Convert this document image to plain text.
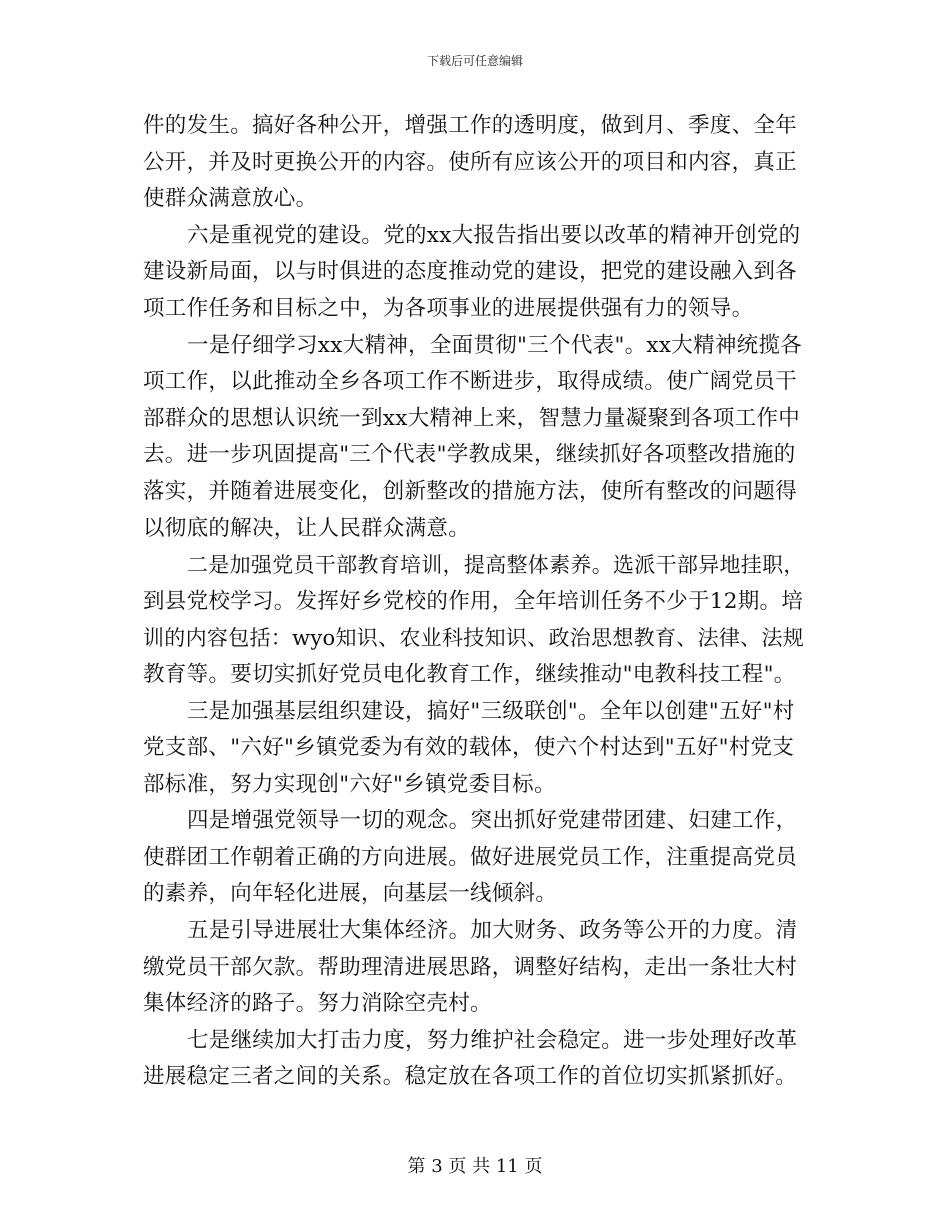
下载后可任意编辑
件的发生。搞好各种公开，增强工作的透明度，做到月、季度、全年
公开，并及时更换公开的内容。使所有应该公开的项目和内容，真正
使群众满意放心。
六是重视党的建设。党的xx大报告指出要以改革的精神开创党的
建设新局面，以与时俱进的态度推动党的建设，把党的建设融入到各
项工作任务和目标之中，为各项事业的进展提供强有力的领导。
一是仔细学习xx大精神，全面贯彻"三个代表"。xx大精神统揽各
项工作，以此推动全乡各项工作不断进步，取得成绩。使广阔党员干
部群众的思想认识统一到xx大精神上来，智慧力量凝聚到各项工作中
去。进一步巩固提高"三个代表"学教成果，继续抓好各项整改措施的
落实，并随着进展变化，创新整改的措施方法，使所有整改的问题得
以彻底的解决，让人民群众满意。
二是加强党员干部教育培训，提高整体素养。选派干部异地挂职，
到县党校学习。发挥好乡党校的作用，全年培训任务不少于12期。培
训的内容包括：wyo知识、农业科技知识、政治思想教育、法律、法规
教育等。要切实抓好党员电化教育工作，继续推动"电教科技工程"。
三是加强基层组织建设，搞好"三级联创"。全年以创建"五好"村
党支部、"六好"乡镇党委为有效的载体，使六个村达到"五好"村党支
部标准，努力实现创"六好"乡镇党委目标。
四是增强党领导一切的观念。突出抓好党建带团建、妇建工作，
使群团工作朝着正确的方向进展。做好进展党员工作，注重提高党员
的素养，向年轻化进展，向基层一线倾斜。
五是引导进展壮大集体经济。加大财务、政务等公开的力度。清
缴党员干部欠款。帮助理清进展思路，调整好结构，走出一条壮大村
集体经济的路子。努力消除空壳村。
七是继续加大打击力度，努力维护社会稳定。进一步处理好改革
进展稳定三者之间的关系。稳定放在各项工作的首位切实抓紧抓好。
第 3 页 共 11 页
